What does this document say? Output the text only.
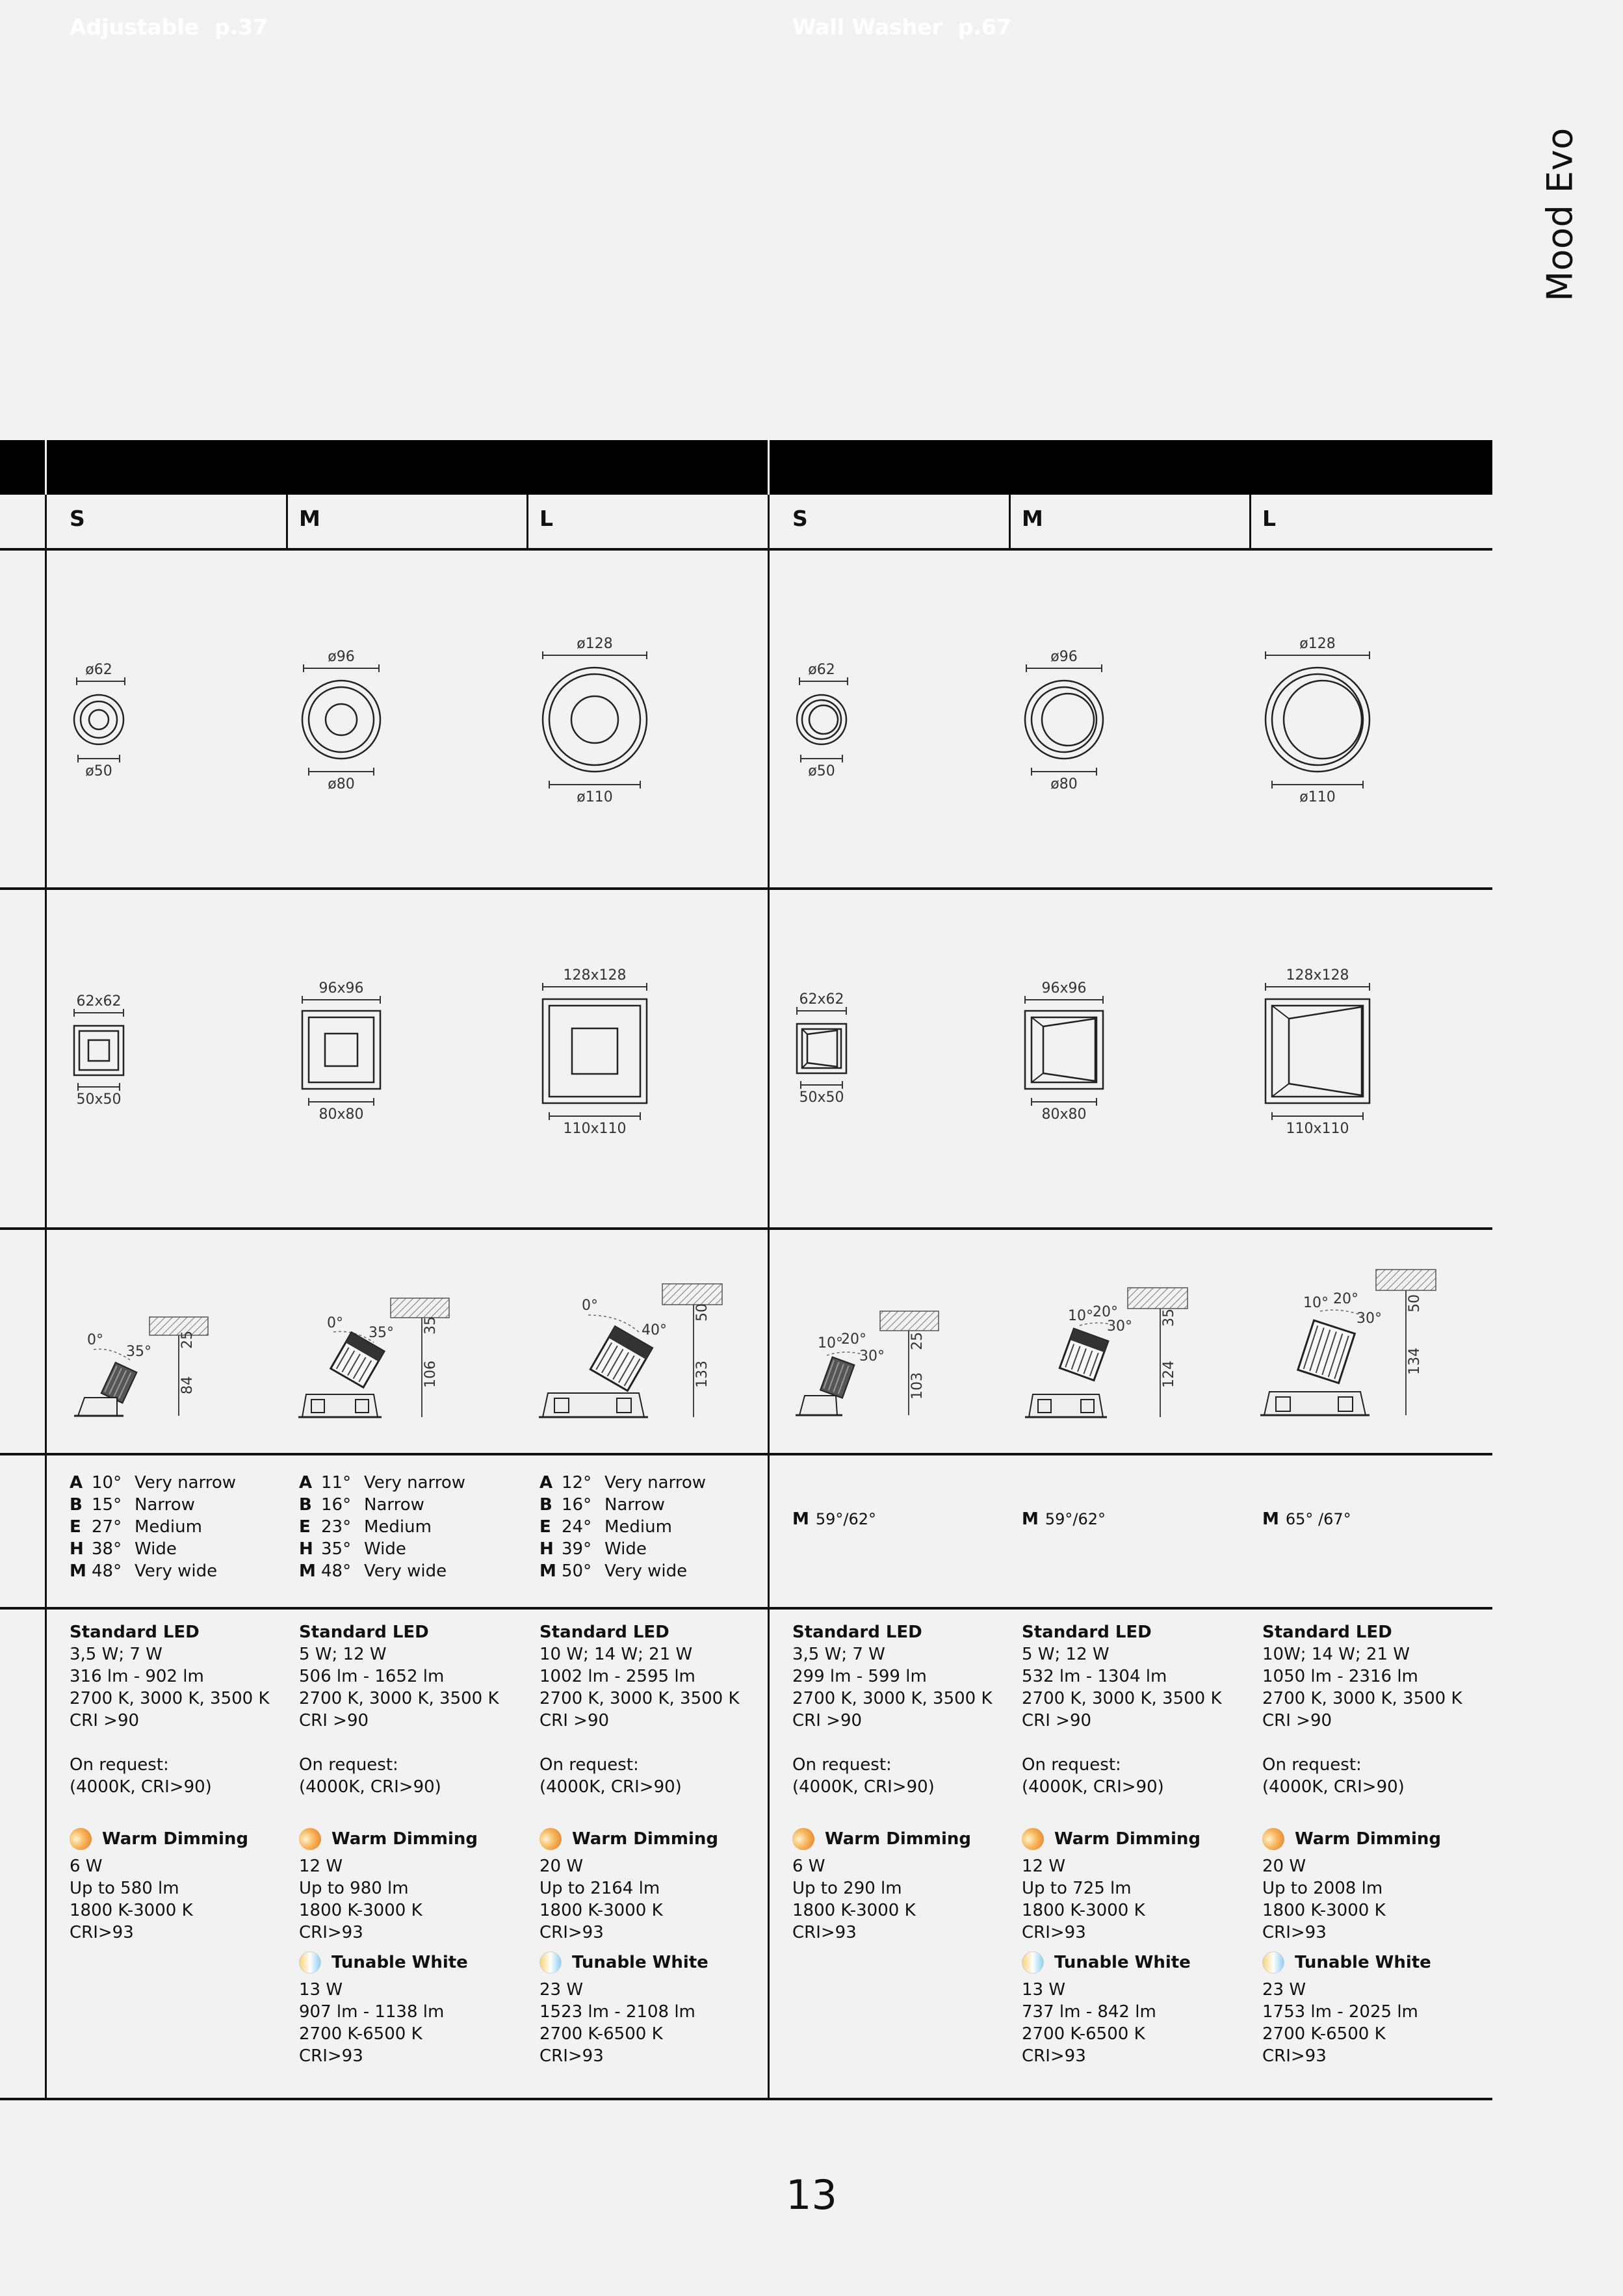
Mood Evo
Adjustable p.37	Wall Washer p.67
S	M	L	S	M	L
ø62
ø50
ø96
ø80
ø128
ø110
ø62
ø50
ø96
ø80
ø128
ø110
62x62
50x50
96x96
80x80
128x128
110x110
62x62
50x50
96x96
80x80
128x128
110x110
0°
35°
25
84
0°
35° 35
106
0°
40°
50
133
10°
20°
30°
25
103
10° 20°
30° 35
124
10° 20°
30°
50
134
A 10° Very narrow
B 15° Narrow
E 27° Medium
H 38° Wide
M 48° Very wide
A 11° Very narrow
B 16° Narrow
E 23° Medium
H 35° Wide
M 48° Very wide
A 12° Very narrow
B 16° Narrow
E 24° Medium
H 39° Wide
M 50° Very wide
M 59°/62°	M 59°/62°	M 65° /67°
Standard LED
3,5 W; 7 W
316 lm - 902 lm
2700 K, 3000 K, 3500 K
CRI >90
On request:
(4000K, CRI>90)
Warm Dimming
6 W
Up to 580 lm
1800 K-3000 K
CRI>93
Standard LED
5 W; 12 W
506 lm - 1652 lm
2700 K, 3000 K, 3500 K
CRI >90
On request:
(4000K, CRI>90)
Warm Dimming
12 W
Up to 980 lm
1800 K-3000 K
CRI>93
Tunable White
13 W
907 lm - 1138 lm
2700 K-6500 K
CRI>93
Standard LED
10 W; 14 W; 21 W
1002 lm - 2595 lm
2700 K, 3000 K, 3500 K
CRI >90
On request:
(4000K, CRI>90)
Warm Dimming
20 W
Up to 2164 lm
1800 K-3000 K
CRI>93
Tunable White
23 W
1523 lm - 2108 lm
2700 K-6500 K
CRI>93
Standard LED
3,5 W; 7 W
299 lm - 599 lm
2700 K, 3000 K, 3500 K
CRI >90
On request:
(4000K, CRI>90)
Warm Dimming
6 W
Up to 290 lm
1800 K-3000 K
CRI>93
Standard LED
5 W; 12 W
532 lm - 1304 lm
2700 K, 3000 K, 3500 K
CRI >90
On request:
(4000K, CRI>90)
Warm Dimming
12 W
Up to 725 lm
1800 K-3000 K
CRI>93
Tunable White
13 W
737 lm - 842 lm
2700 K-6500 K
CRI>93
Standard LED
10W; 14 W; 21 W
1050 lm - 2316 lm
2700 K, 3000 K, 3500 K
CRI >90
On request:
(4000K, CRI>90)
Warm Dimming
20 W
Up to 2008 lm
1800 K-3000 K
CRI>93
Tunable White
23 W
1753 lm - 2025 lm
2700 K-6500 K
CRI>93
13
